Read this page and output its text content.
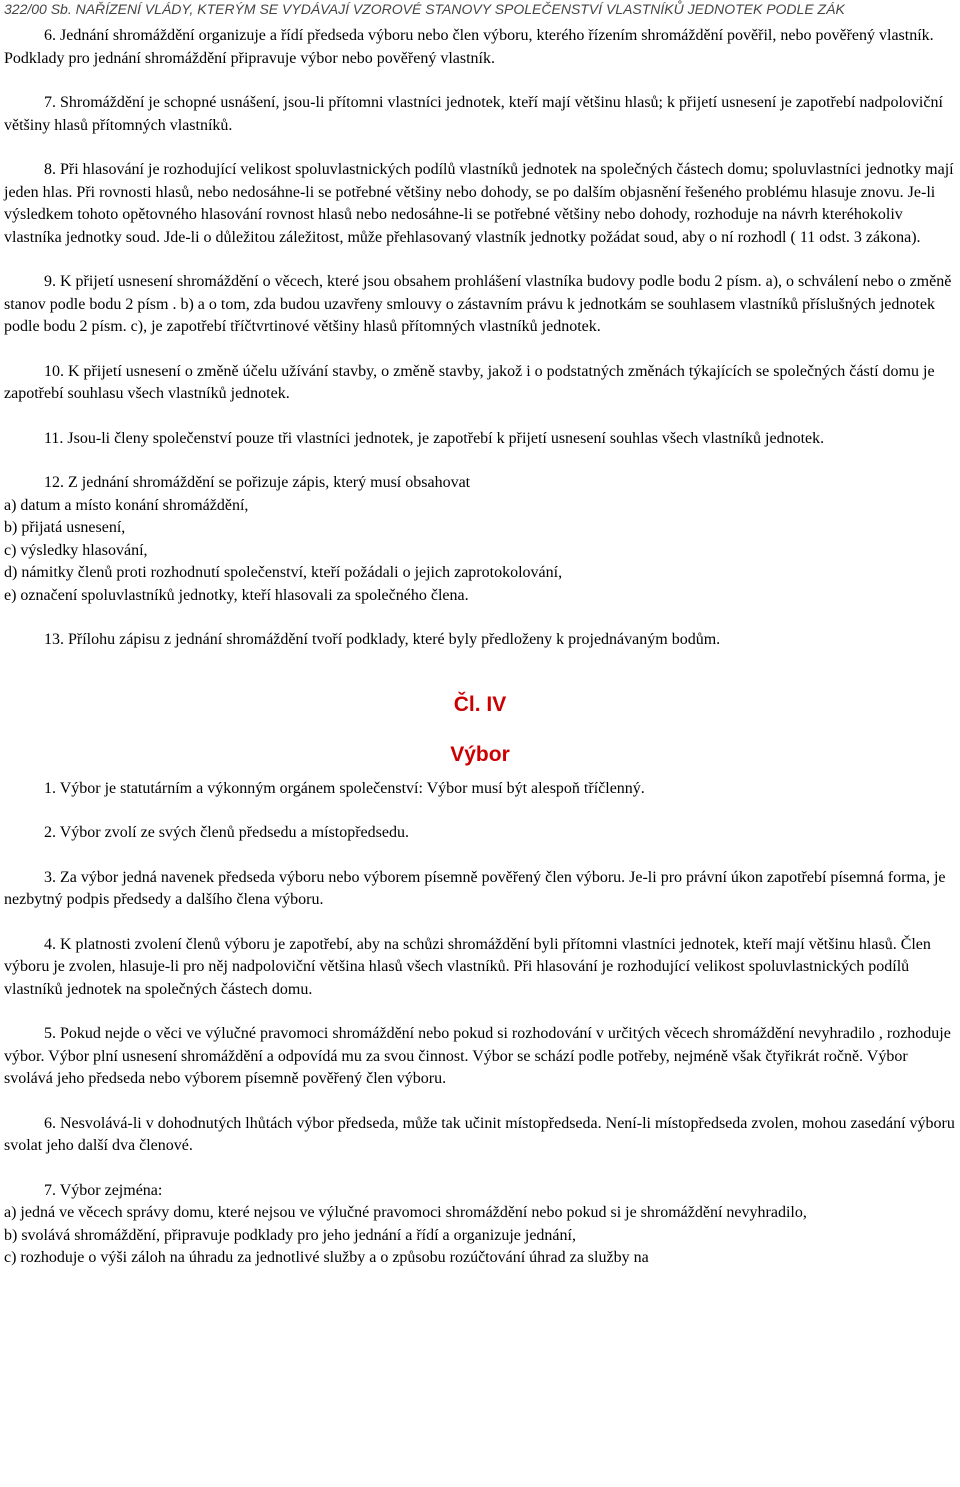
322/00 Sb. NAŘÍZENÍ VLÁDY, KTERÝM SE VYDÁVAJÍ VZOROVÉ STANOVY SPOLEČENSTVÍ VLASTNÍKŮ JEDNOTEK PODLE ZÁK

6. Jednání shromáždění organizuje a řídí předseda výboru nebo člen výboru, kterého řízením shromáždění pověřil, nebo pověřený vlastník. Podklady pro jednání shromáždění připravuje výbor nebo pověřený vlastník.

7. Shromáždění je schopné usnášení, jsou-li přítomni vlastníci jednotek, kteří mají většinu hlasů; k přijetí usnesení je zapotřebí nadpoloviční většiny hlasů přítomných vlastníků.

8. Při hlasování je rozhodující velikost spoluvlastnických podílů vlastníků jednotek na společných částech domu; spoluvlastníci jednotky mají jeden hlas. Při rovnosti hlasů, nebo nedosáhne-li se potřebné většiny nebo dohody, se po dalším objasnění řešeného problému hlasuje znovu. Je-li výsledkem tohoto opětovného hlasování rovnost hlasů nebo nedosáhne-li se potřebné většiny nebo dohody, rozhoduje na návrh kteréhokoliv vlastníka jednotky soud. Jde-li o důležitou záležitost, může přehlasovaný vlastník jednotky požádat soud, aby o ní rozhodl ( 11 odst. 3 zákona).

9. K přijetí usnesení shromáždění o věcech, které jsou obsahem prohlášení vlastníka budovy podle bodu 2 písm. a), o schválení nebo o změně stanov podle bodu 2 písm . b) a o tom, zda budou uzavřeny smlouvy o zástavním právu k jednotkám se souhlasem vlastníků příslušných jednotek podle bodu 2 písm. c), je zapotřebí tříčtvrtinové většiny hlasů přítomných vlastníků jednotek.

10. K přijetí usnesení o změně účelu užívání stavby, o změně stavby, jakož i o podstatných změnách týkajících se společných částí domu je zapotřebí souhlasu všech vlastníků jednotek.

11. Jsou-li členy společenství pouze tři vlastníci jednotek, je zapotřebí k přijetí usnesení souhlas všech vlastníků jednotek.

12. Z jednání shromáždění se pořizuje zápis, který musí obsahovat

a) datum a místo konání shromáždění,

b) přijatá usnesení,

c) výsledky hlasování,

d) námitky členů proti rozhodnutí společenství, kteří požádali o jejich zaprotokolování,

e) označení spoluvlastníků jednotky, kteří hlasovali za společného člena.

13. Přílohu zápisu z jednání shromáždění tvoří podklady, které byly předloženy k projednávaným bodům.

Čl. IV

Výbor

1. Výbor je statutárním a výkonným orgánem společenství: Výbor musí být alespoň tříčlenný.

2. Výbor zvolí ze svých členů předsedu a místopředsedu.

3. Za výbor jedná navenek předseda výboru nebo výborem písemně pověřený člen výboru. Je-li pro právní úkon zapotřebí písemná forma, je nezbytný podpis předsedy a dalšího člena výboru.

4. K platnosti zvolení členů výboru je zapotřebí, aby na schůzi shromáždění byli přítomni vlastníci jednotek, kteří mají většinu hlasů. Člen výboru je zvolen, hlasuje-li pro něj nadpoloviční většina hlasů všech vlastníků. Při hlasování je rozhodující velikost spoluvlastnických podílů vlastníků jednotek na společných částech domu.

5. Pokud nejde o věci ve výlučné pravomoci shromáždění nebo pokud si rozhodování v určitých věcech shromáždění nevyhradilo , rozhoduje výbor. Výbor plní usnesení shromáždění a odpovídá mu za svou činnost. Výbor se schází podle potřeby, nejméně však čtyřikrát ročně. Výbor svolává jeho předseda nebo výborem písemně pověřený člen výboru.

6. Nesvolává-li v dohodnutých lhůtách výbor předseda, může tak učinit místopředseda. Není-li místopředseda zvolen, mohou zasedání výboru svolat jeho další dva členové.

7. Výbor zejména:

a) jedná ve věcech správy domu, které nejsou ve výlučné pravomoci shromáždění nebo pokud si je shromáždění nevyhradilo,

b) svolává shromáždění, připravuje podklady pro jeho jednání a řídí a organizuje jednání,

c) rozhoduje o výši záloh na úhradu za jednotlivé služby a o způsobu rozúčtování úhrad za služby na
